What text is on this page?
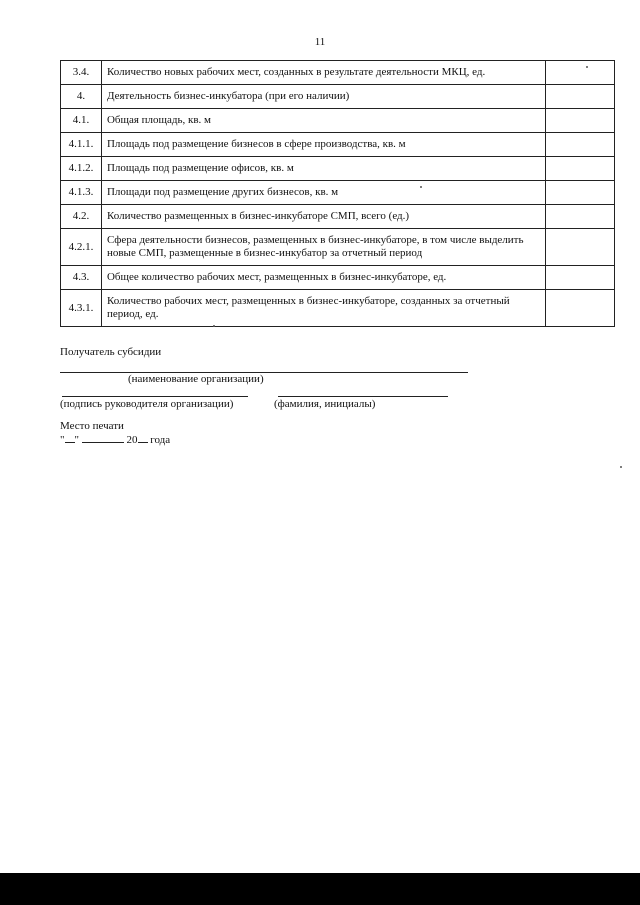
11
3.4.	Количество новых рабочих мест, созданных в результате деятельности МКЦ, ед.	
4.	Деятельность бизнес-инкубатора (при его наличии)	
4.1.	Общая площадь, кв. м	
4.1.1.	Площадь под размещение бизнесов в сфере производства, кв. м	
4.1.2.	Площадь под размещение офисов, кв. м	
4.1.3.	Площади под размещение других бизнесов, кв. м	
4.2.	Количество размещенных в бизнес-инкубаторе СМП, всего (ед.)	
4.2.1.	Сфера деятельности бизнесов, размещенных в бизнес-инкубаторе, в том числе выделить новые СМП, размещенные в бизнес-инкубатор за отчетный период	
4.3.	Общее количество рабочих мест, размещенных в бизнес-инкубаторе, ед.	
4.3.1.	Количество рабочих мест, размещенных в бизнес-инкубаторе, созданных за отчетный период, ед.	
Получатель субсидии
(наименование организации)
(подпись руководителя организации)	(фамилия, инициалы)
Место печати
" "	20 года
